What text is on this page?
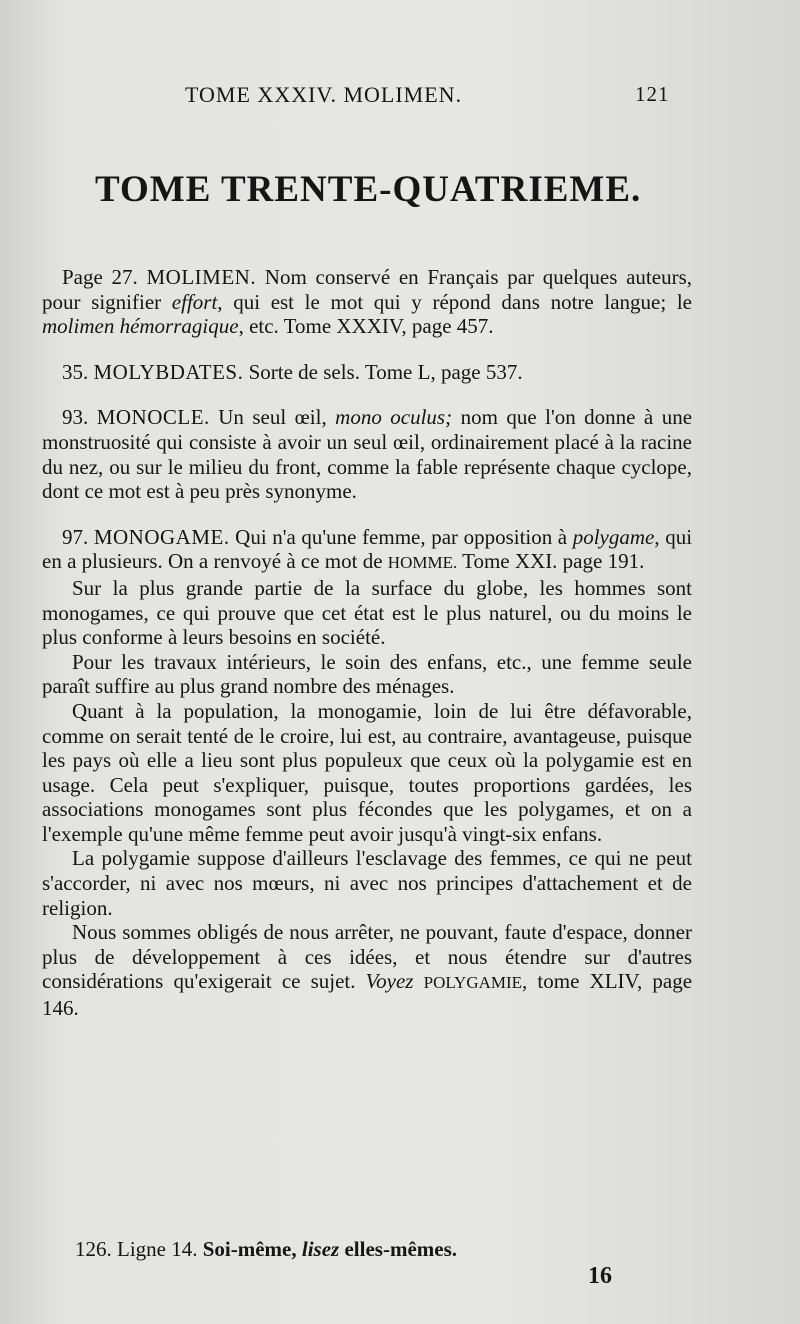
TOME XXXIV. MOLIMEN.	121
TOME TRENTE-QUATRIEME.

Page 27. MOLIMEN. Nom conservé en Français par quelques auteurs, pour signifier effort, qui est le mot qui y répond dans notre langue; le molimen hémorragique, etc. Tome XXXIV, page 457.

35. MOLYBDATES. Sorte de sels. Tome L, page 537.

93. MONOCLE. Un seul œil, mono oculus; nom que l'on donne à une monstruosité qui consiste à avoir un seul œil, ordinairement placé à la racine du nez, ou sur le milieu du front, comme la fable représente chaque cyclope, dont ce mot est à peu près synonyme.

97. MONOGAME. Qui n'a qu'une femme, par opposition à polygame, qui en a plusieurs. On a renvoyé à ce mot de HOMME. Tome XXI. page 191.

Sur la plus grande partie de la surface du globe, les hommes sont monogames, ce qui prouve que cet état est le plus naturel, ou du moins le plus conforme à leurs besoins en société.

Pour les travaux intérieurs, le soin des enfans, etc., une femme seule paraît suffire au plus grand nombre des ménages.

Quant à la population, la monogamie, loin de lui être défavorable, comme on serait tenté de le croire, lui est, au contraire, avantageuse, puisque les pays où elle a lieu sont plus populeux que ceux où la polygamie est en usage. Cela peut s'expliquer, puisque, toutes proportions gardées, les associations monogames sont plus fécondes que les polygames, et on a l'exemple qu'une même femme peut avoir jusqu'à vingt-six enfans.

La polygamie suppose d'ailleurs l'esclavage des femmes, ce qui ne peut s'accorder, ni avec nos mœurs, ni avec nos principes d'attachement et de religion.

Nous sommes obligés de nous arrêter, ne pouvant, faute d'espace, donner plus de développement à ces idées, et nous étendre sur d'autres considérations qu'exigerait ce sujet. Voyez POLYGAMIE, tome XLIV, page 146.

126. Ligne 14. Soi-même, lisez elles-mêmes.
16
